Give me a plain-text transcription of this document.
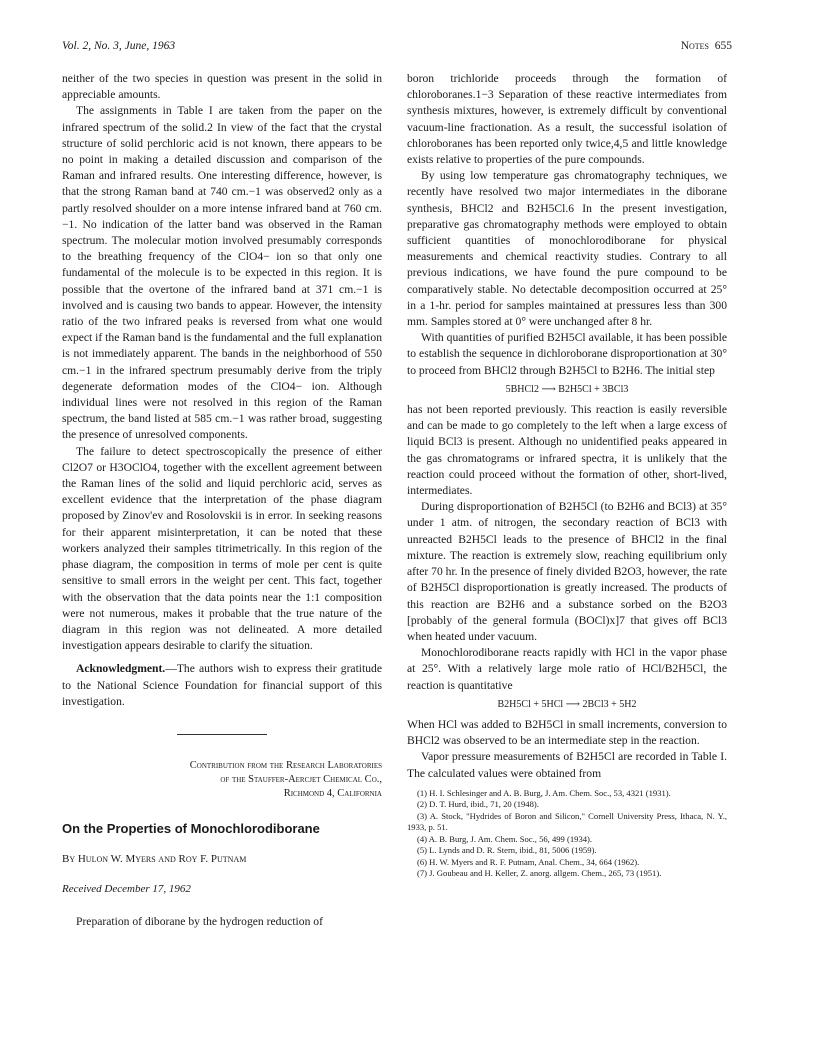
Vol. 2, No. 3, June, 1963	Notes 655

neither of the two species in question was present in the solid in appreciable amounts.

The assignments in Table I are taken from the paper on the infrared spectrum of the solid.2 In view of the fact that the crystal structure of solid perchloric acid is not known, there appears to be no point in making a detailed discussion and comparison of the Raman and infrared results. One interesting difference, however, is that the strong Raman band at 740 cm.−1 was observed2 only as a partly resolved shoulder on a more intense infrared band at 760 cm.−1. No indication of the latter band was observed in the Raman spectrum. The molecular motion involved presumably corresponds to the breathing frequency of the ClO4− ion so that only one fundamental of the molecule is to be expected in this region. It is possible that the overtone of the infrared band at 371 cm.−1 is involved and is causing two bands to appear. However, the intensity ratio of the two infrared peaks is reversed from what one would expect if the Raman band is the fundamental and the full explanation is not immediately apparent. The bands in the neighborhood of 550 cm.−1 in the infrared spectrum presumably derive from the triply degenerate deformation modes of the ClO4− ion. Although individual lines were not resolved in this region of the Raman spectrum, the band listed at 585 cm.−1 was rather broad, suggesting the presence of unresolved components.

The failure to detect spectroscopically the presence of either Cl2O7 or H3OClO4, together with the excellent agreement between the Raman lines of the solid and liquid perchloric acid, serves as excellent evidence that the interpretation of the phase diagram proposed by Zinov'ev and Rosolovskii is in error. In seeking reasons for their apparent misinterpretation, it can be noted that these workers analyzed their samples titrimetrically. In this region of the phase diagram, the composition in terms of mole per cent is quite sensitive to small errors in the weight per cent. This fact, together with the observation that the data points near the 1:1 composition were not numerous, makes it probable that the true nature of the diagram in this region was not delineated. A more detailed investigation appears desirable to clarify the situation.

Acknowledgment.—The authors wish to express their gratitude to the National Science Foundation for financial support of this investigation.

Contribution from the Research Laboratories
of the Stauffer-Aercjet Chemical Co.,
Richmond 4, California
On the Properties of Monochlorodiborane
By Hulon W. Myers and Roy F. Putnam
Received December 17, 1962

Preparation of diborane by the hydrogen reduction of

boron trichloride proceeds through the formation of chloroboranes.1−3 Separation of these reactive intermediates from synthesis mixtures, however, is extremely difficult by conventional vacuum-line fractionation. As a result, the successful isolation of chloroboranes has been reported only twice,4,5 and little knowledge exists relative to properties of the pure compounds.

By using low temperature gas chromatography techniques, we recently have resolved two major intermediates in the diborane synthesis, BHCl2 and B2H5Cl.6 In the present investigation, preparative gas chromatography methods were employed to obtain sufficient quantities of monochlorodiborane for physical measurements and chemical reactivity studies. Contrary to all previous indications, we have found the pure compound to be comparatively stable. No detectable decomposition occurred at 25° in a 1-hr. period for samples maintained at pressures less than 300 mm. Samples stored at 0° were unchanged after 8 hr.

With quantities of purified B2H5Cl available, it has been possible to establish the sequence in dichloroborane disproportionation at 30° to proceed from BHCl2 through B2H5Cl to B2H6. The initial step

5BHCl2 ⟶ B2H5Cl + 3BCl3

has not been reported previously. This reaction is easily reversible and can be made to go completely to the left when a large excess of liquid BCl3 is present. Although no unidentified peaks appeared in the gas chromatograms or infrared spectra, it is unlikely that the reaction could proceed without the formation of other, short-lived, intermediates.

During disproportionation of B2H5Cl (to B2H6 and BCl3) at 35° under 1 atm. of nitrogen, the secondary reaction of BCl3 with unreacted B2H5Cl leads to the presence of BHCl2 in the final mixture. The reaction is extremely slow, reaching equilibrium only after 70 hr. In the presence of finely divided B2O3, however, the rate of B2H5Cl disproportionation is greatly increased. The products of this reaction are B2H6 and a substance sorbed on the B2O3 [probably of the general formula (BOCl)x]7 that gives off BCl3 when heated under vacuum.

Monochlorodiborane reacts rapidly with HCl in the vapor phase at 25°. With a relatively large mole ratio of HCl/B2H5Cl, the reaction is quantitative

B2H5Cl + 5HCl ⟶ 2BCl3 + 5H2

When HCl was added to B2H5Cl in small increments, conversion to BHCl2 was observed to be an intermediate step in the reaction.

Vapor pressure measurements of B2H5Cl are recorded in Table I. The calculated values were obtained from

(1) H. I. Schlesinger and A. B. Burg, J. Am. Chem. Soc., 53, 4321 (1931).
(2) D. T. Hurd, ibid., 71, 20 (1948).
(3) A. Stock, "Hydrides of Boron and Silicon," Cornell University Press, Ithaca, N. Y., 1933, p. 51.
(4) A. B. Burg, J. Am. Chem. Soc., 56, 499 (1934).
(5) L. Lynds and D. R. Stern, ibid., 81, 5006 (1959).
(6) H. W. Myers and R. F. Putnam, Anal. Chem., 34, 664 (1962).
(7) J. Goubeau and H. Keller, Z. anorg. allgem. Chem., 265, 73 (1951).
